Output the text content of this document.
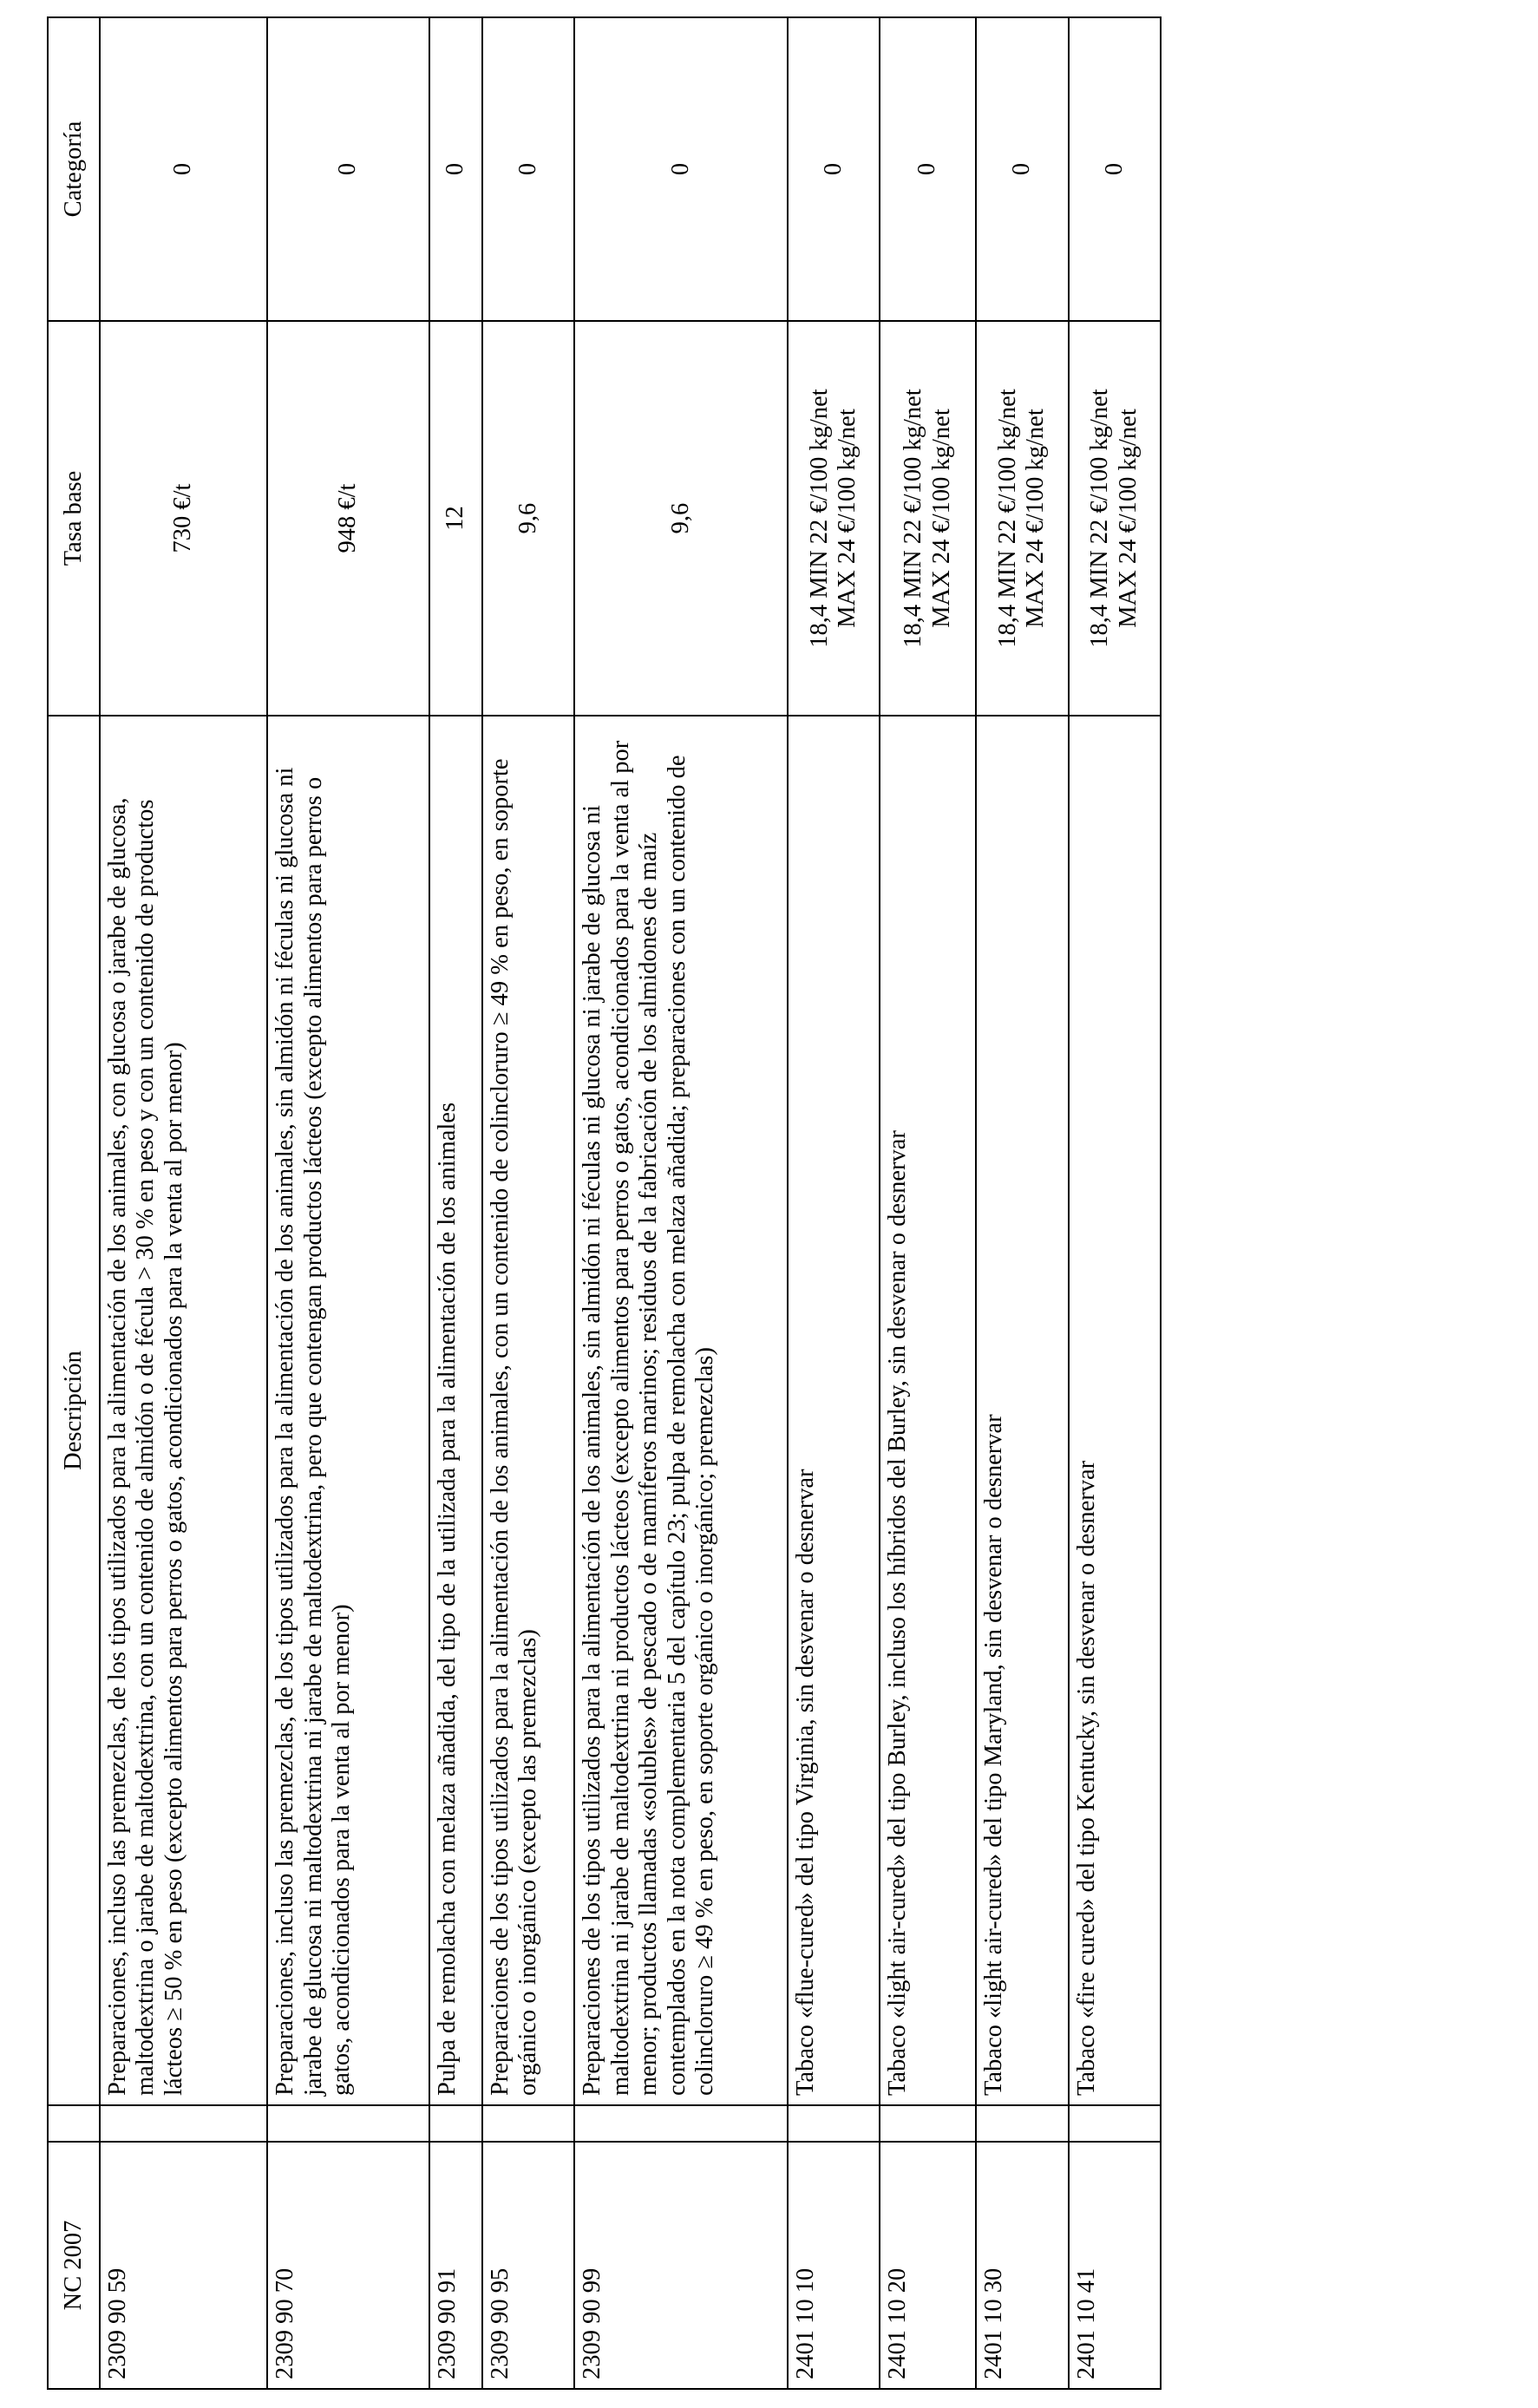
NC 2007		Descripción	Tasa base	Categoría
2309 90 59		Preparaciones, incluso las premezclas, de los tipos utilizados para la alimentación de los animales, con glucosa o jarabe de glucosa, maltodextrina o jarabe de maltodextrina, con un contenido de almidón o de fécula > 30 % en peso y con un contenido de productos lácteos ≥ 50 % en peso (excepto alimentos para perros o gatos, acondicionados para la venta al por menor)	730 €/t	0
2309 90 70		Preparaciones, incluso las premezclas, de los tipos utilizados para la alimentación de los animales, sin almidón ni féculas ni glucosa ni jarabe de glucosa ni maltodextrina ni jarabe de maltodextrina, pero que contengan productos lácteos (excepto alimentos para perros o gatos, acondicionados para la venta al por menor)	948 €/t	0
2309 90 91		Pulpa de remolacha con melaza añadida, del tipo de la utilizada para la alimentación de los animales	12	0
2309 90 95		Preparaciones de los tipos utilizados para la alimentación de los animales, con un contenido de colincloruro ≥ 49 % en peso, en soporte orgánico o inorgánico (excepto las premezclas)	9,6	0
2309 90 99		Preparaciones de los tipos utilizados para la alimentación de los animales, sin almidón ni féculas ni glucosa ni jarabe de glucosa ni maltodextrina ni jarabe de maltodextrina ni productos lácteos (excepto alimentos para perros o gatos, acondicionados para la venta al por menor; productos llamadas «solubles» de pescado o de mamíferos marinos; residuos de la fabricación de los almidones de maíz contemplados en la nota complementaria 5 del capítulo 23; pulpa de remolacha con melaza añadida; preparaciones con un contenido de colincloruro ≥ 49 % en peso, en soporte orgánico o inorgánico; premezclas)	9,6	0
2401 10 10		Tabaco «flue-cured» del tipo Virginia, sin desvenar o desnervar	18,4 MIN 22 €/100 kg/net MAX 24 €/100 kg/net	0
2401 10 20		Tabaco «light air-cured» del tipo Burley, incluso los híbridos del Burley, sin desvenar o desnervar	18,4 MIN 22 €/100 kg/net MAX 24 €/100 kg/net	0
2401 10 30		Tabaco «light air-cured» del tipo Maryland, sin desvenar o desnervar	18,4 MIN 22 €/100 kg/net MAX 24 €/100 kg/net	0
2401 10 41		Tabaco «fire cured» del tipo Kentucky, sin desvenar o desnervar	18,4 MIN 22 €/100 kg/net MAX 24 €/100 kg/net	0
